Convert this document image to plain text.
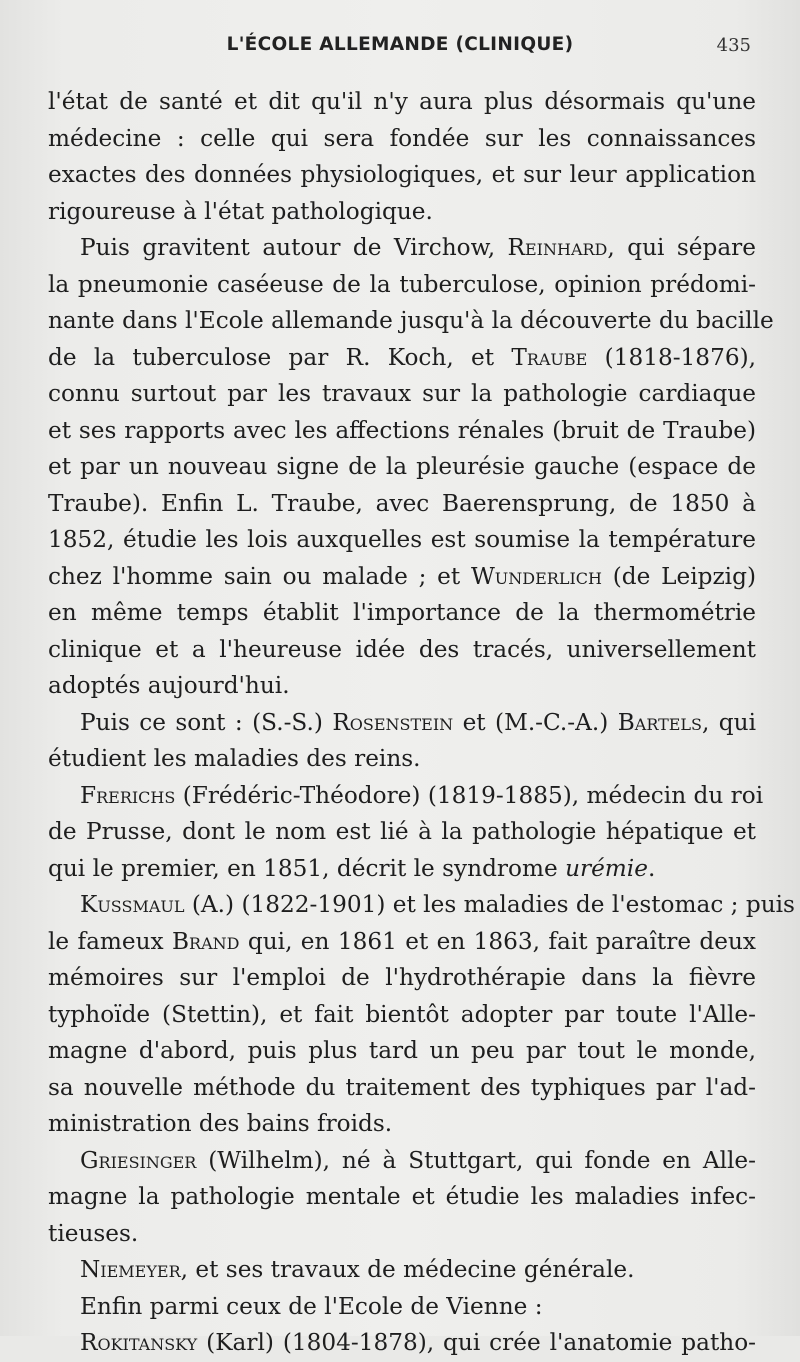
L'ÉCOLE ALLEMANDE (CLINIQUE)	435
l'état de santé et dit qu'il n'y aura plus désormais qu'une
médecine : celle qui sera fondée sur les connaissances
exactes des données physiologiques, et sur leur application
rigoureuse à l'état pathologique.
Puis gravitent autour de Virchow, Reinhard, qui sépare
la pneumonie caséeuse de la tuberculose, opinion prédomi-
nante dans l'Ecole allemande jusqu'à la découverte du bacille
de la tuberculose par R. Koch, et Traube (1818-1876),
connu surtout par les travaux sur la pathologie cardiaque
et ses rapports avec les affections rénales (bruit de Traube)
et par un nouveau signe de la pleurésie gauche (espace de
Traube). Enfin L. Traube, avec Baerensprung, de 1850 à
1852, étudie les lois auxquelles est soumise la température
chez l'homme sain ou malade ; et Wunderlich (de Leipzig)
en même temps établit l'importance de la thermométrie
clinique et a l'heureuse idée des tracés, universellement
adoptés aujourd'hui.
Puis ce sont : (S.-S.) Rosenstein et (M.-C.-A.) Bartels, qui
étudient les maladies des reins.
Frerichs (Frédéric-Théodore) (1819-1885), médecin du roi
de Prusse, dont le nom est lié à la pathologie hépatique et
qui le premier, en 1851, décrit le syndrome urémie.
Kussmaul (A.) (1822-1901) et les maladies de l'estomac ; puis
le fameux Brand qui, en 1861 et en 1863, fait paraître deux
mémoires sur l'emploi de l'hydrothérapie dans la fièvre
typhoïde (Stettin), et fait bientôt adopter par toute l'Alle-
magne d'abord, puis plus tard un peu par tout le monde,
sa nouvelle méthode du traitement des typhiques par l'ad-
ministration des bains froids.
Griesinger (Wilhelm), né à Stuttgart, qui fonde en Alle-
magne la pathologie mentale et étudie les maladies infec-
tieuses.
Niemeyer, et ses travaux de médecine générale.
Enfin parmi ceux de l'Ecole de Vienne :
Rokitansky (Karl) (1804-1878), qui crée l'anatomie patho-
